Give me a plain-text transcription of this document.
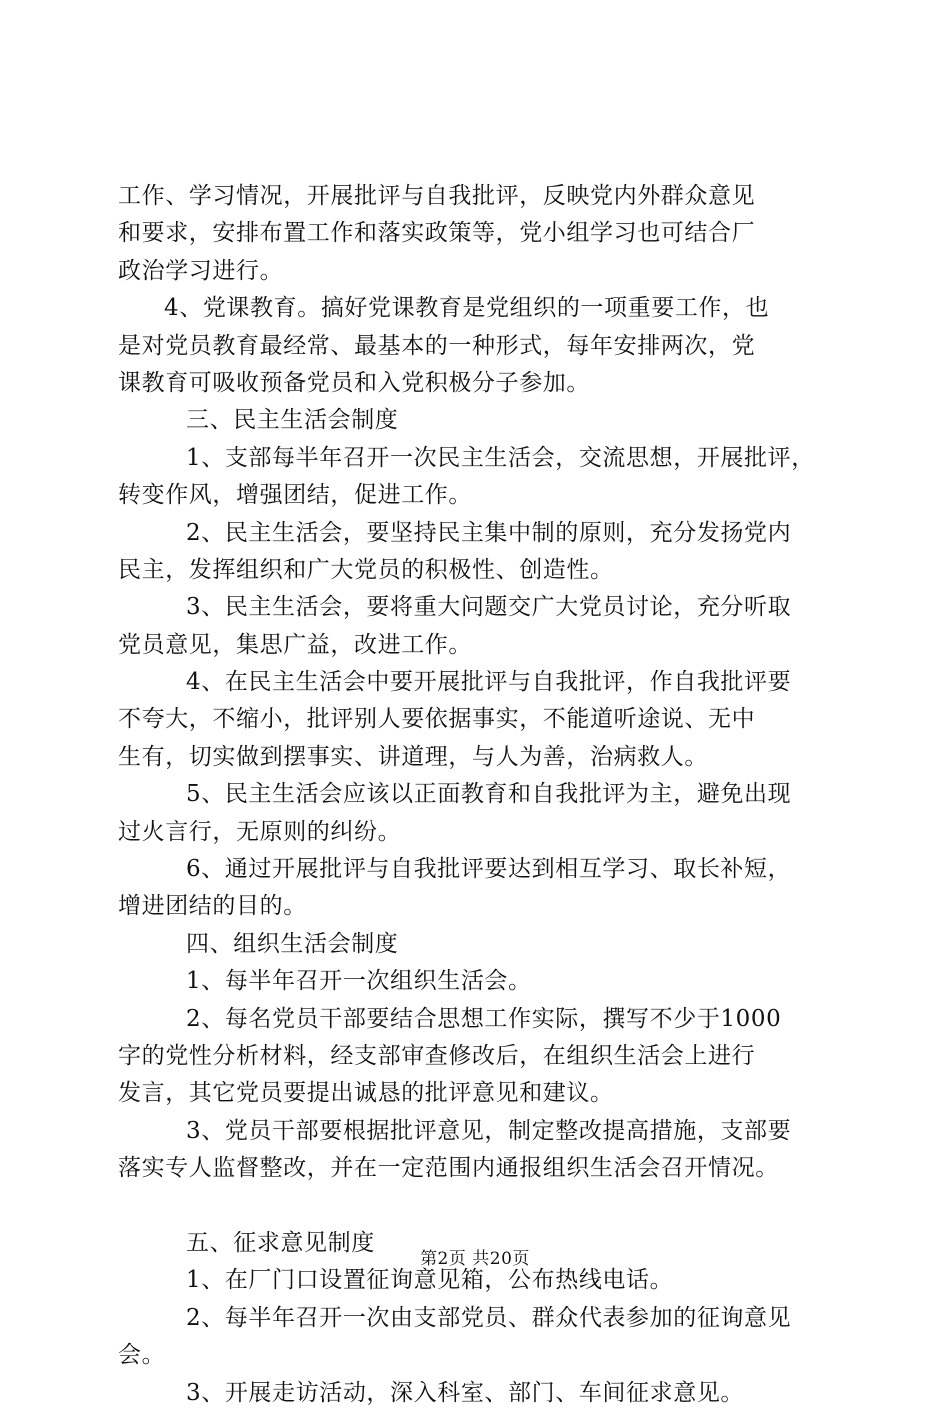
工作、学习情况，开展批评与自我批评，反映党内外群众意见
和要求，安排布置工作和落实政策等，党小组学习也可结合厂
政治学习进行。
4、党课教育。搞好党课教育是党组织的一项重要工作，也
是对党员教育最经常、最基本的一种形式，每年安排两次，党
课教育可吸收预备党员和入党积极分子参加。
三、民主生活会制度
1、支部每半年召开一次民主生活会，交流思想，开展批评，
转变作风，增强团结，促进工作。
2、民主生活会，要坚持民主集中制的原则，充分发扬党内
民主，发挥组织和广大党员的积极性、创造性。
3、民主生活会，要将重大问题交广大党员讨论，充分听取
党员意见，集思广益，改进工作。
4、在民主生活会中要开展批评与自我批评，作自我批评要
不夸大，不缩小，批评别人要依据事实，不能道听途说、无中
生有，切实做到摆事实、讲道理，与人为善，治病救人。
5、民主生活会应该以正面教育和自我批评为主，避免出现
过火言行，无原则的纠纷。
6、通过开展批评与自我批评要达到相互学习、取长补短，
增进团结的目的。
四、组织生活会制度
1、每半年召开一次组织生活会。
2、每名党员干部要结合思想工作实际，撰写不少于1000
字的党性分析材料，经支部审查修改后，在组织生活会上进行
发言，其它党员要提出诚恳的批评意见和建议。
3、党员干部要根据批评意见，制定整改提高措施，支部要
落实专人监督整改，并在一定范围内通报组织生活会召开情况。
五、征求意见制度
1、在厂门口设置征询意见箱，公布热线电话。
2、每半年召开一次由支部党员、群众代表参加的征询意见
会。
3、开展走访活动，深入科室、部门、车间征求意见。
第2页 共20页
